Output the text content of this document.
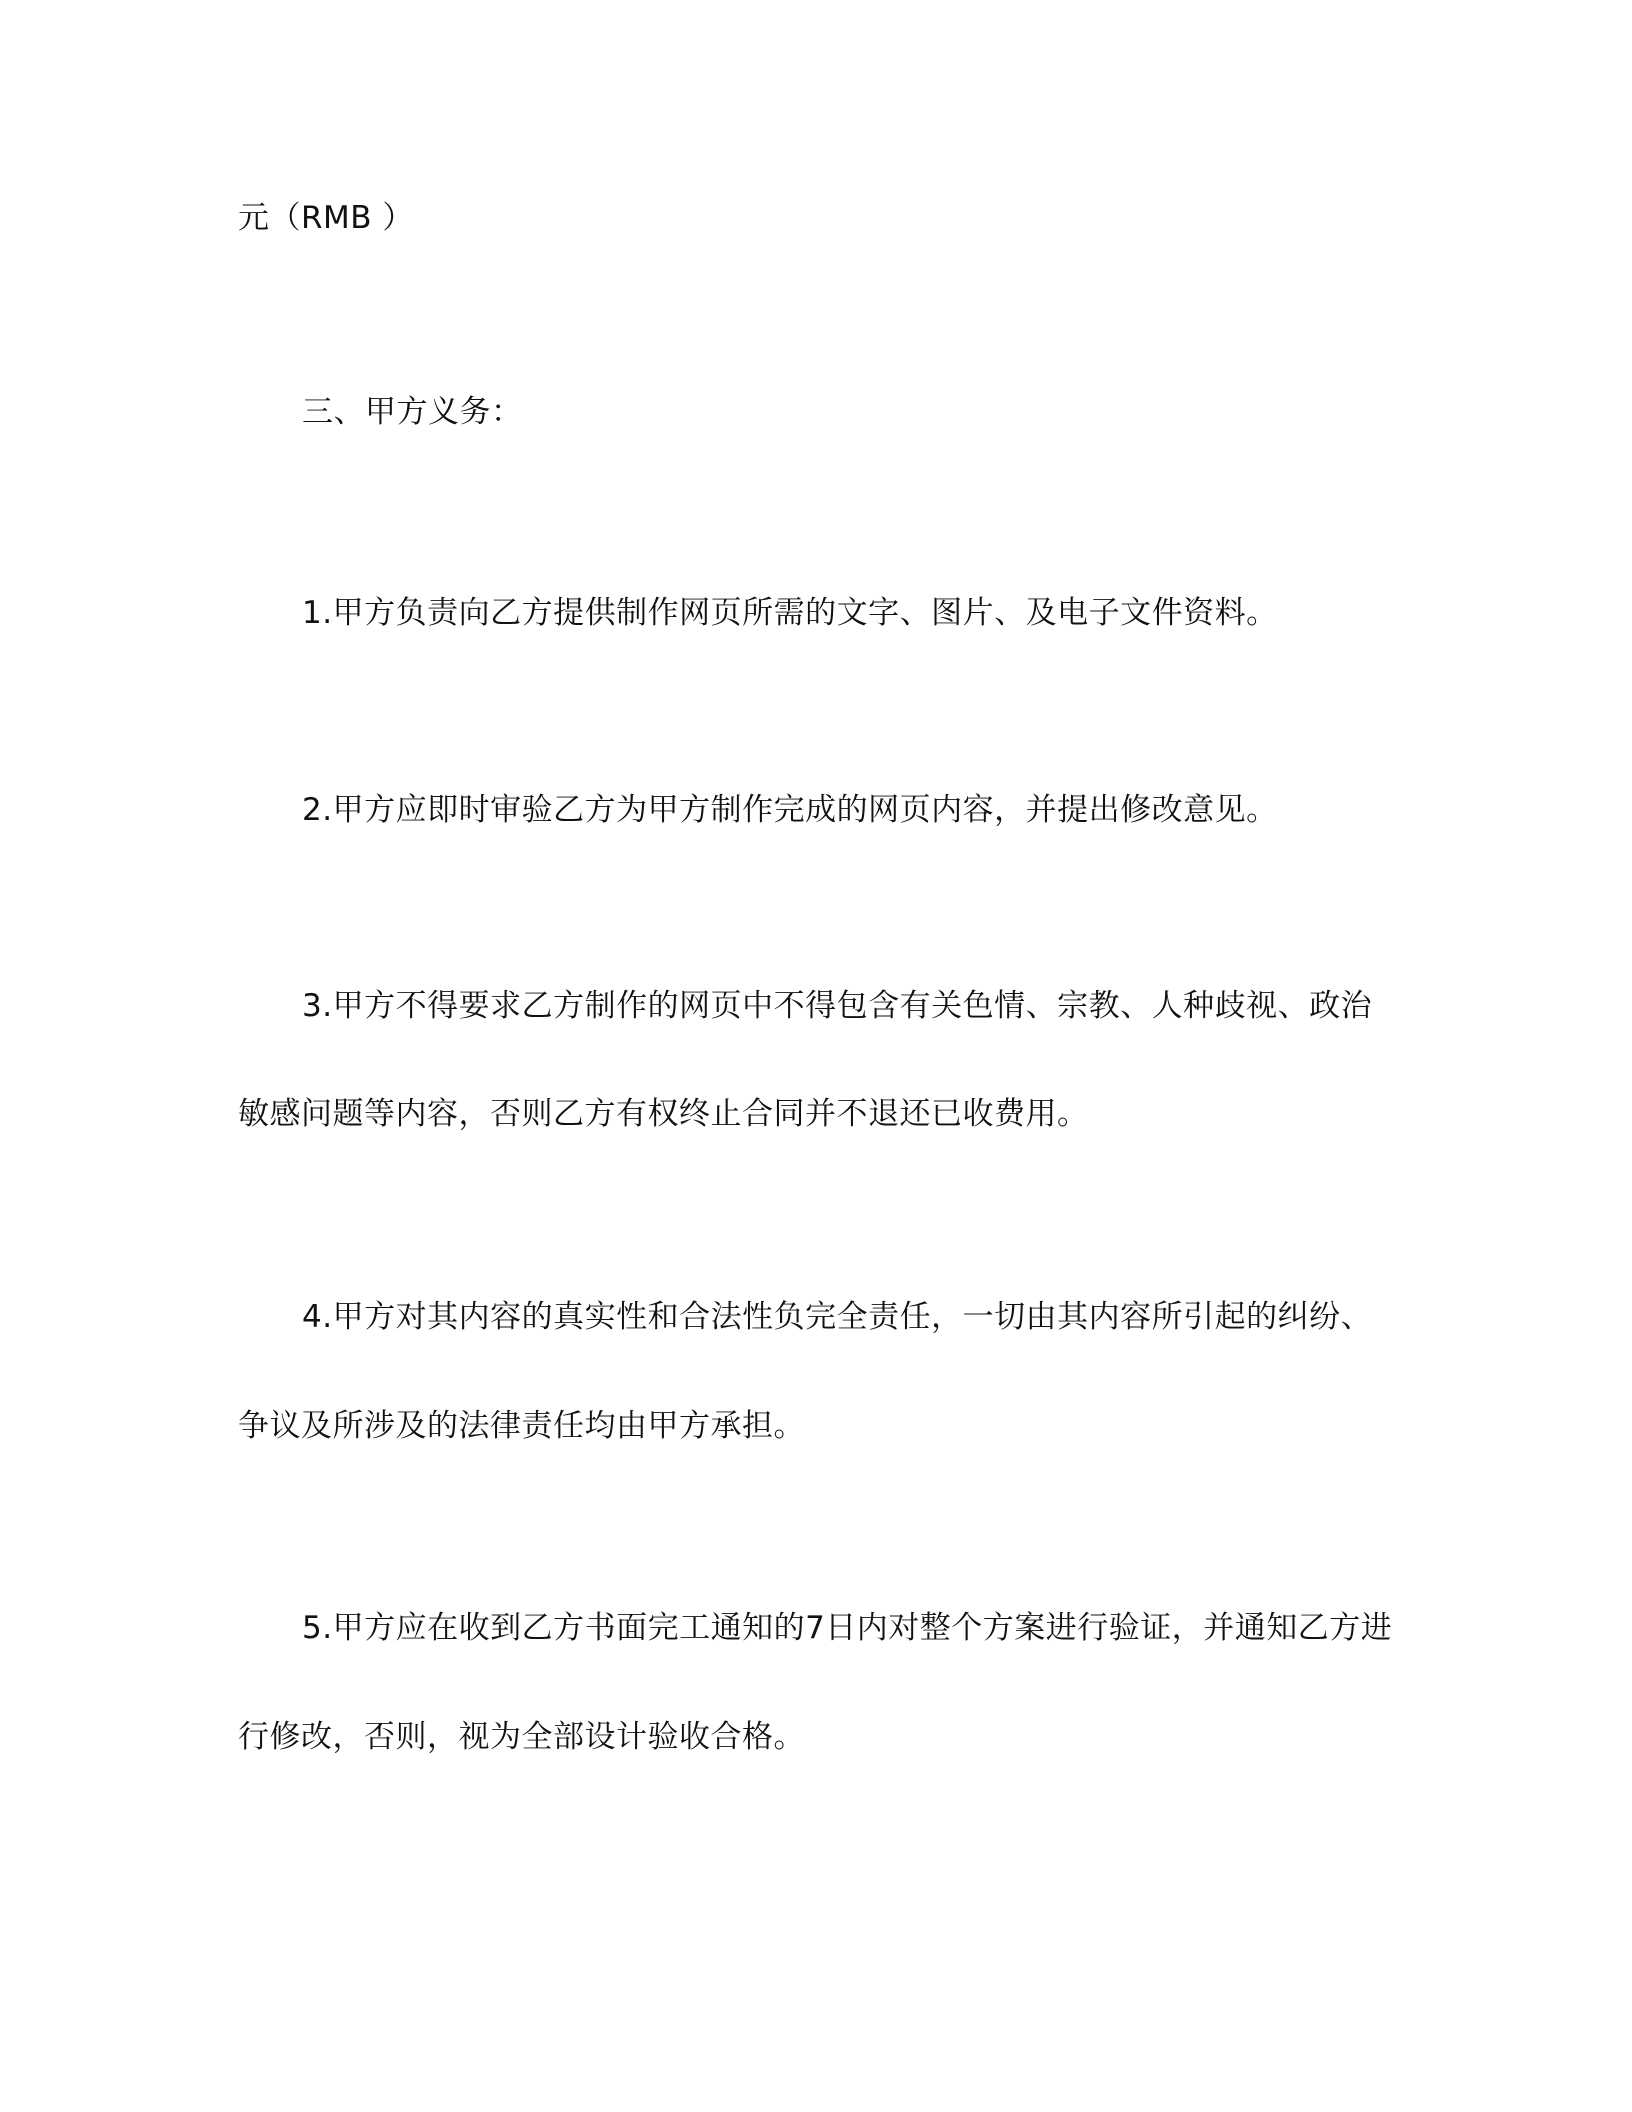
元（RMB ）

三、甲方义务：

1.甲方负责向乙方提供制作网页所需的文字、图片、及电子文件资料。

2.甲方应即时审验乙方为甲方制作完成的网页内容，并提出修改意见。

3.甲方不得要求乙方制作的网页中不得包含有关色情、宗教、人种歧视、政治

敏感问题等内容，否则乙方有权终止合同并不退还已收费用。

4.甲方对其内容的真实性和合法性负完全责任，一切由其内容所引起的纠纷、

争议及所涉及的法律责任均由甲方承担。

5.甲方应在收到乙方书面完工通知的7日内对整个方案进行验证，并通知乙方进

行修改，否则，视为全部设计验收合格。
